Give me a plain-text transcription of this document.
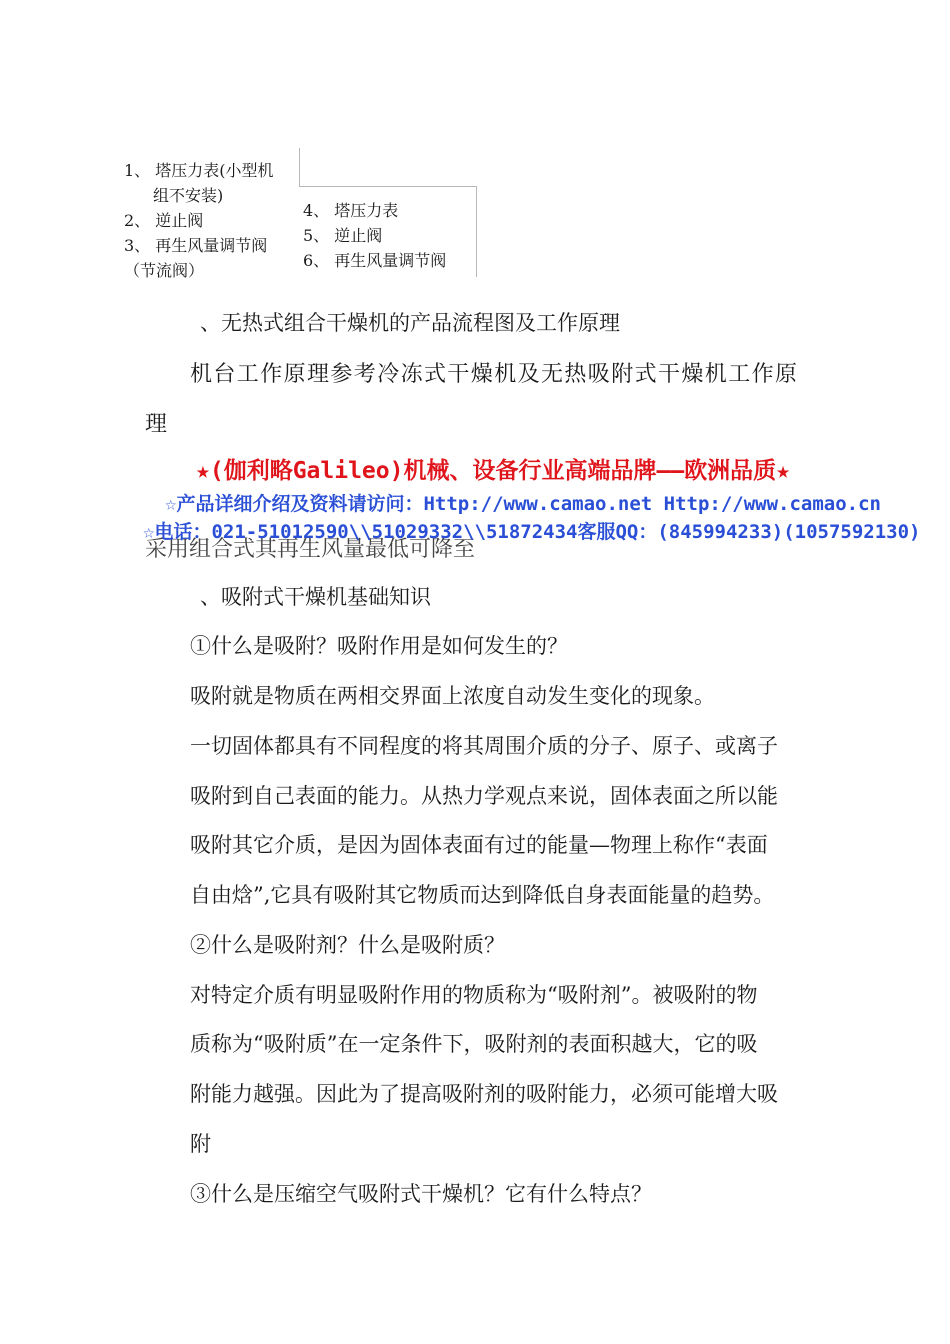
1、 塔压力表(小型机
组不安装)
2、 逆止阀
3、 再生风量调节阀
（节流阀）
4、 塔压力表
5、 逆止阀
6、 再生风量调节阀
、无热式组合干燥机的产品流程图及工作原理
机台工作原理参考冷冻式干燥机及无热吸附式干燥机工作原
理
采用组合式其再生风量最低可降至
★(伽利略Galileo)机械、设备行业高端品牌——欧洲品质★
☆产品详细介绍及资料请访问：Http://www.camao.net Http://www.camao.cn
☆电话：021-51012590\\51029332\\51872434客服QQ：(845994233)(1057592130)
、吸附式干燥机基础知识
①什么是吸附？吸附作用是如何发生的？
吸附就是物质在两相交界面上浓度自动发生变化的现象。
一切固体都具有不同程度的将其周围介质的分子、原子、或离子
吸附到自己表面的能力。从热力学观点来说，固体表面之所以能
吸附其它介质，是因为固体表面有过的能量—物理上称作“表面
自由焓”,它具有吸附其它物质而达到降低自身表面能量的趋势。
②什么是吸附剂？什么是吸附质？
对特定介质有明显吸附作用的物质称为“吸附剂”。被吸附的物
质称为“吸附质”在一定条件下，吸附剂的表面积越大，它的吸
附能力越强。因此为了提高吸附剂的吸附能力，必须可能增大吸
附
③什么是压缩空气吸附式干燥机？它有什么特点？
